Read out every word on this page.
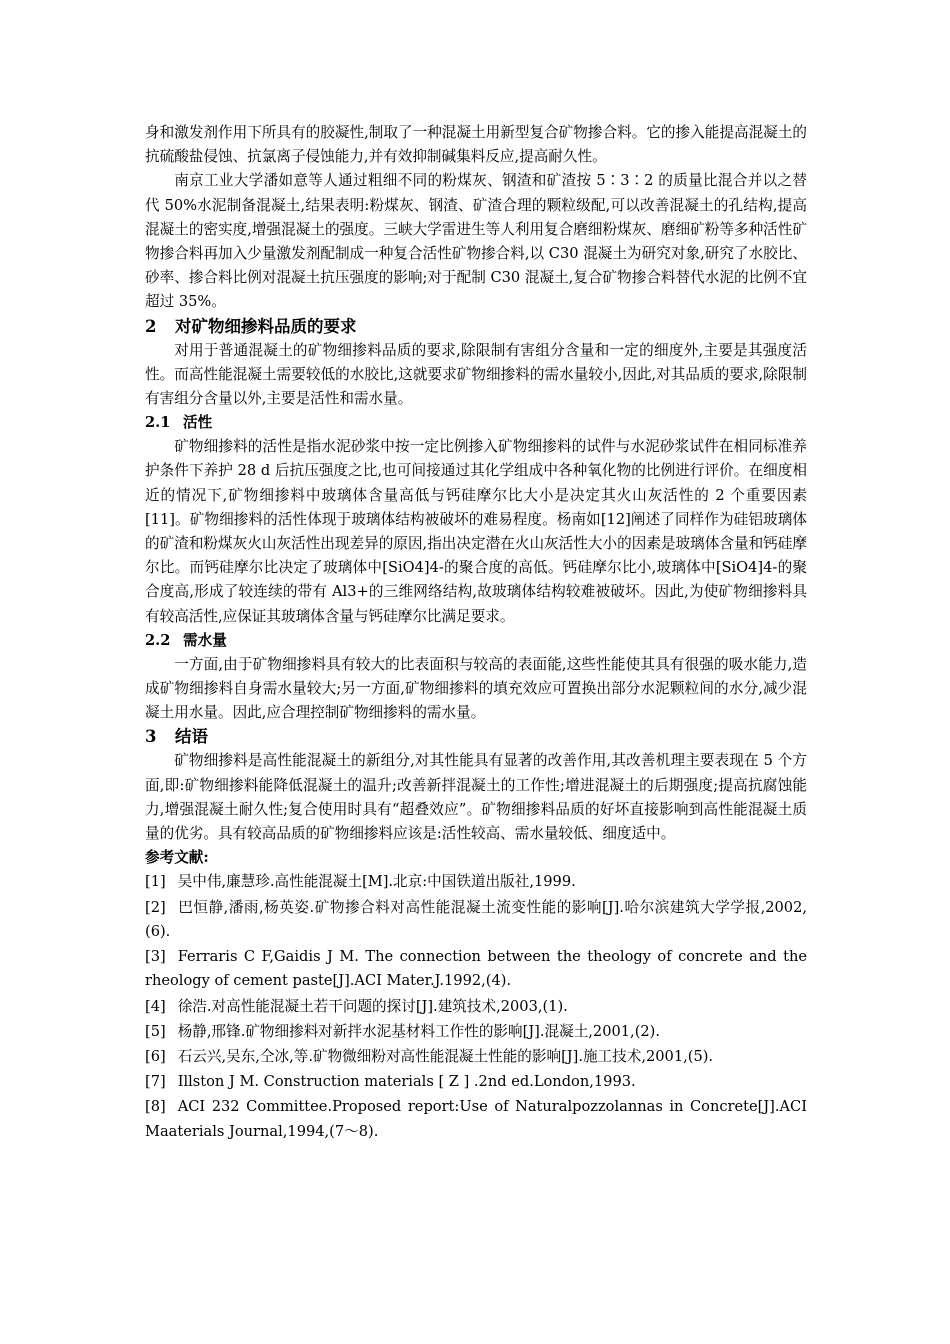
身和激发剂作用下所具有的胶凝性,制取了一种混凝土用新型复合矿物掺合料。它的掺入能提高混凝土的抗硫酸盐侵蚀、抗氯离子侵蚀能力,并有效抑制碱集料反应,提高耐久性。

南京工业大学潘如意等人通过粗细不同的粉煤灰、钢渣和矿渣按 5∶3∶2 的质量比混合并以之替代 50%水泥制备混凝土,结果表明:粉煤灰、钢渣、矿渣合理的颗粒级配,可以改善混凝土的孔结构,提高混凝土的密实度,增强混凝土的强度。三峡大学雷进生等人利用复合磨细粉煤灰、磨细矿粉等多种活性矿物掺合料再加入少量激发剂配制成一种复合活性矿物掺合料,以 C30 混凝土为研究对象,研究了水胶比、砂率、掺合料比例对混凝土抗压强度的影响;对于配制 C30 混凝土,复合矿物掺合料替代水泥的比例不宜超过 35%。

2 对矿物细掺料品质的要求

对用于普通混凝土的矿物细掺料品质的要求,除限制有害组分含量和一定的细度外,主要是其强度活性。而高性能混凝土需要较低的水胶比,这就要求矿物细掺料的需水量较小,因此,对其品质的要求,除限制有害组分含量以外,主要是活性和需水量。

2.1 活性

矿物细掺料的活性是指水泥砂浆中按一定比例掺入矿物细掺料的试件与水泥砂浆试件在相同标准养护条件下养护 28 d 后抗压强度之比,也可间接通过其化学组成中各种氧化物的比例进行评价。在细度相近的情况下,矿物细掺料中玻璃体含量高低与钙硅摩尔比大小是决定其火山灰活性的 2 个重要因素[11]。矿物细掺料的活性体现于玻璃体结构被破坏的难易程度。杨南如[12]阐述了同样作为硅铝玻璃体的矿渣和粉煤灰火山灰活性出现差异的原因,指出决定潜在火山灰活性大小的因素是玻璃体含量和钙硅摩尔比。而钙硅摩尔比决定了玻璃体中[SiO4]4-的聚合度的高低。钙硅摩尔比小,玻璃体中[SiO4]4-的聚合度高,形成了较连续的带有 Al3+的三维网络结构,故玻璃体结构较难被破坏。因此,为使矿物细掺料具有较高活性,应保证其玻璃体含量与钙硅摩尔比满足要求。

2.2 需水量

一方面,由于矿物细掺料具有较大的比表面积与较高的表面能,这些性能使其具有很强的吸水能力,造成矿物细掺料自身需水量较大;另一方面,矿物细掺料的填充效应可置换出部分水泥颗粒间的水分,减少混凝土用水量。因此,应合理控制矿物细掺料的需水量。

3 结语

矿物细掺料是高性能混凝土的新组分,对其性能具有显著的改善作用,其改善机理主要表现在 5 个方面,即:矿物细掺料能降低混凝土的温升;改善新拌混凝土的工作性;增进混凝土的后期强度;提高抗腐蚀能力,增强混凝土耐久性;复合使用时具有“超叠效应”。矿物细掺料品质的好坏直接影响到高性能混凝土质量的优劣。具有较高品质的矿物细掺料应该是:活性较高、需水量较低、细度适中。

参考文献:

[1] 吴中伟,廉慧珍.高性能混凝土[M].北京:中国铁道出版社,1999.

[2] 巴恒静,潘雨,杨英姿.矿物掺合料对高性能混凝土流变性能的影响[J].哈尔滨建筑大学学报,2002,(6).

[3] Ferraris C F,Gaidis J M. The connection between the theology of concrete and the rheology of cement paste[J].ACI Mater.J.1992,(4).

[4] 徐浩.对高性能混凝土若干问题的探讨[J].建筑技术,2003,(1).

[5] 杨静,邢锋.矿物细掺料对新拌水泥基材料工作性的影响[J].混凝土,2001,(2).

[6] 石云兴,吴东,仝冰,等.矿物微细粉对高性能混凝土性能的影响[J].施工技术,2001,(5).

[7] Illston J M. Construction materials [ Z ] .2nd ed.London,1993.

[8] ACI 232 Committee.Proposed report:Use of Naturalpozzolannas in Concrete[J].ACI Maaterials Journal,1994,(7～8).
